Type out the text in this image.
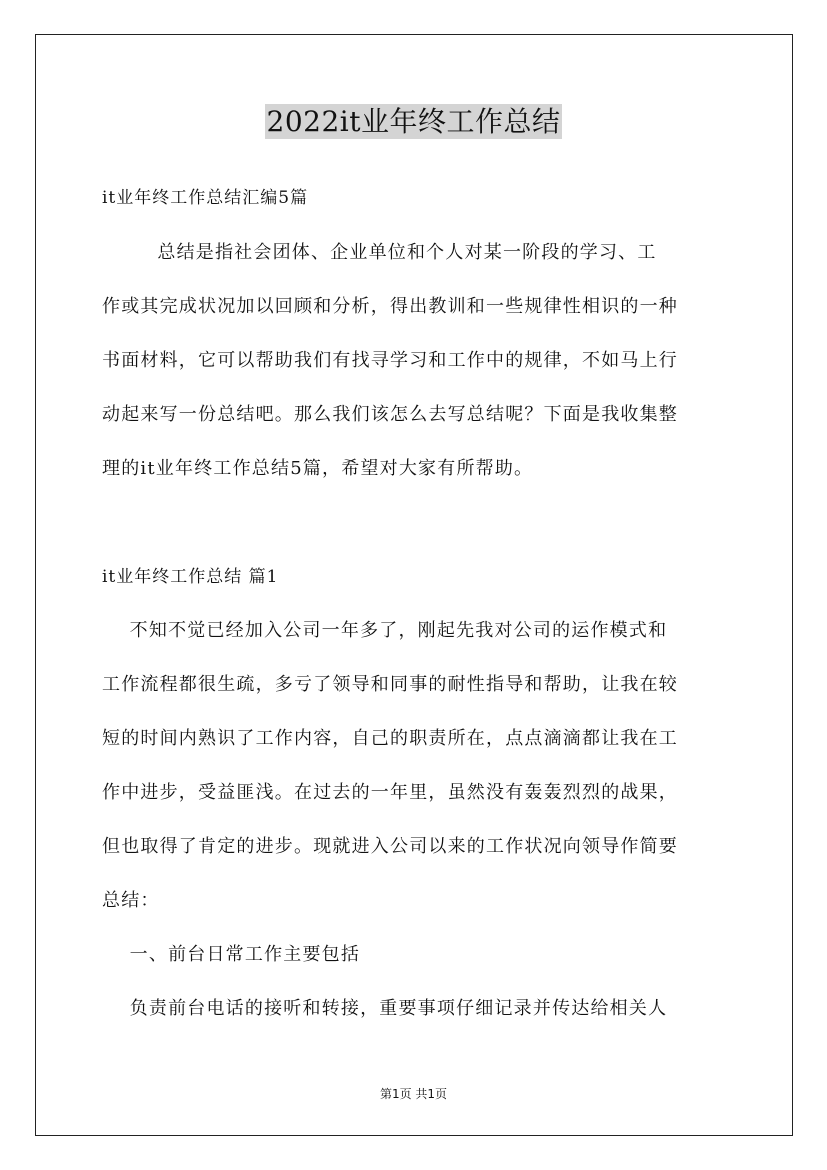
2022it业年终工作总结
it业年终工作总结汇编5篇
总结是指社会团体、企业单位和个人对某一阶段的学习、工
作或其完成状况加以回顾和分析，得出教训和一些规律性相识的一种
书面材料，它可以帮助我们有找寻学习和工作中的规律，不如马上行
动起来写一份总结吧。那么我们该怎么去写总结呢？下面是我收集整
理的it业年终工作总结5篇，希望对大家有所帮助。
it业年终工作总结 篇1
不知不觉已经加入公司一年多了，刚起先我对公司的运作模式和
工作流程都很生疏，多亏了领导和同事的耐性指导和帮助，让我在较
短的时间内熟识了工作内容，自己的职责所在，点点滴滴都让我在工
作中进步，受益匪浅。在过去的一年里，虽然没有轰轰烈烈的战果，
但也取得了肯定的进步。现就进入公司以来的工作状况向领导作简要
总结：
一、前台日常工作主要包括
负责前台电话的接听和转接，重要事项仔细记录并传达给相关人
第1页 共1页
